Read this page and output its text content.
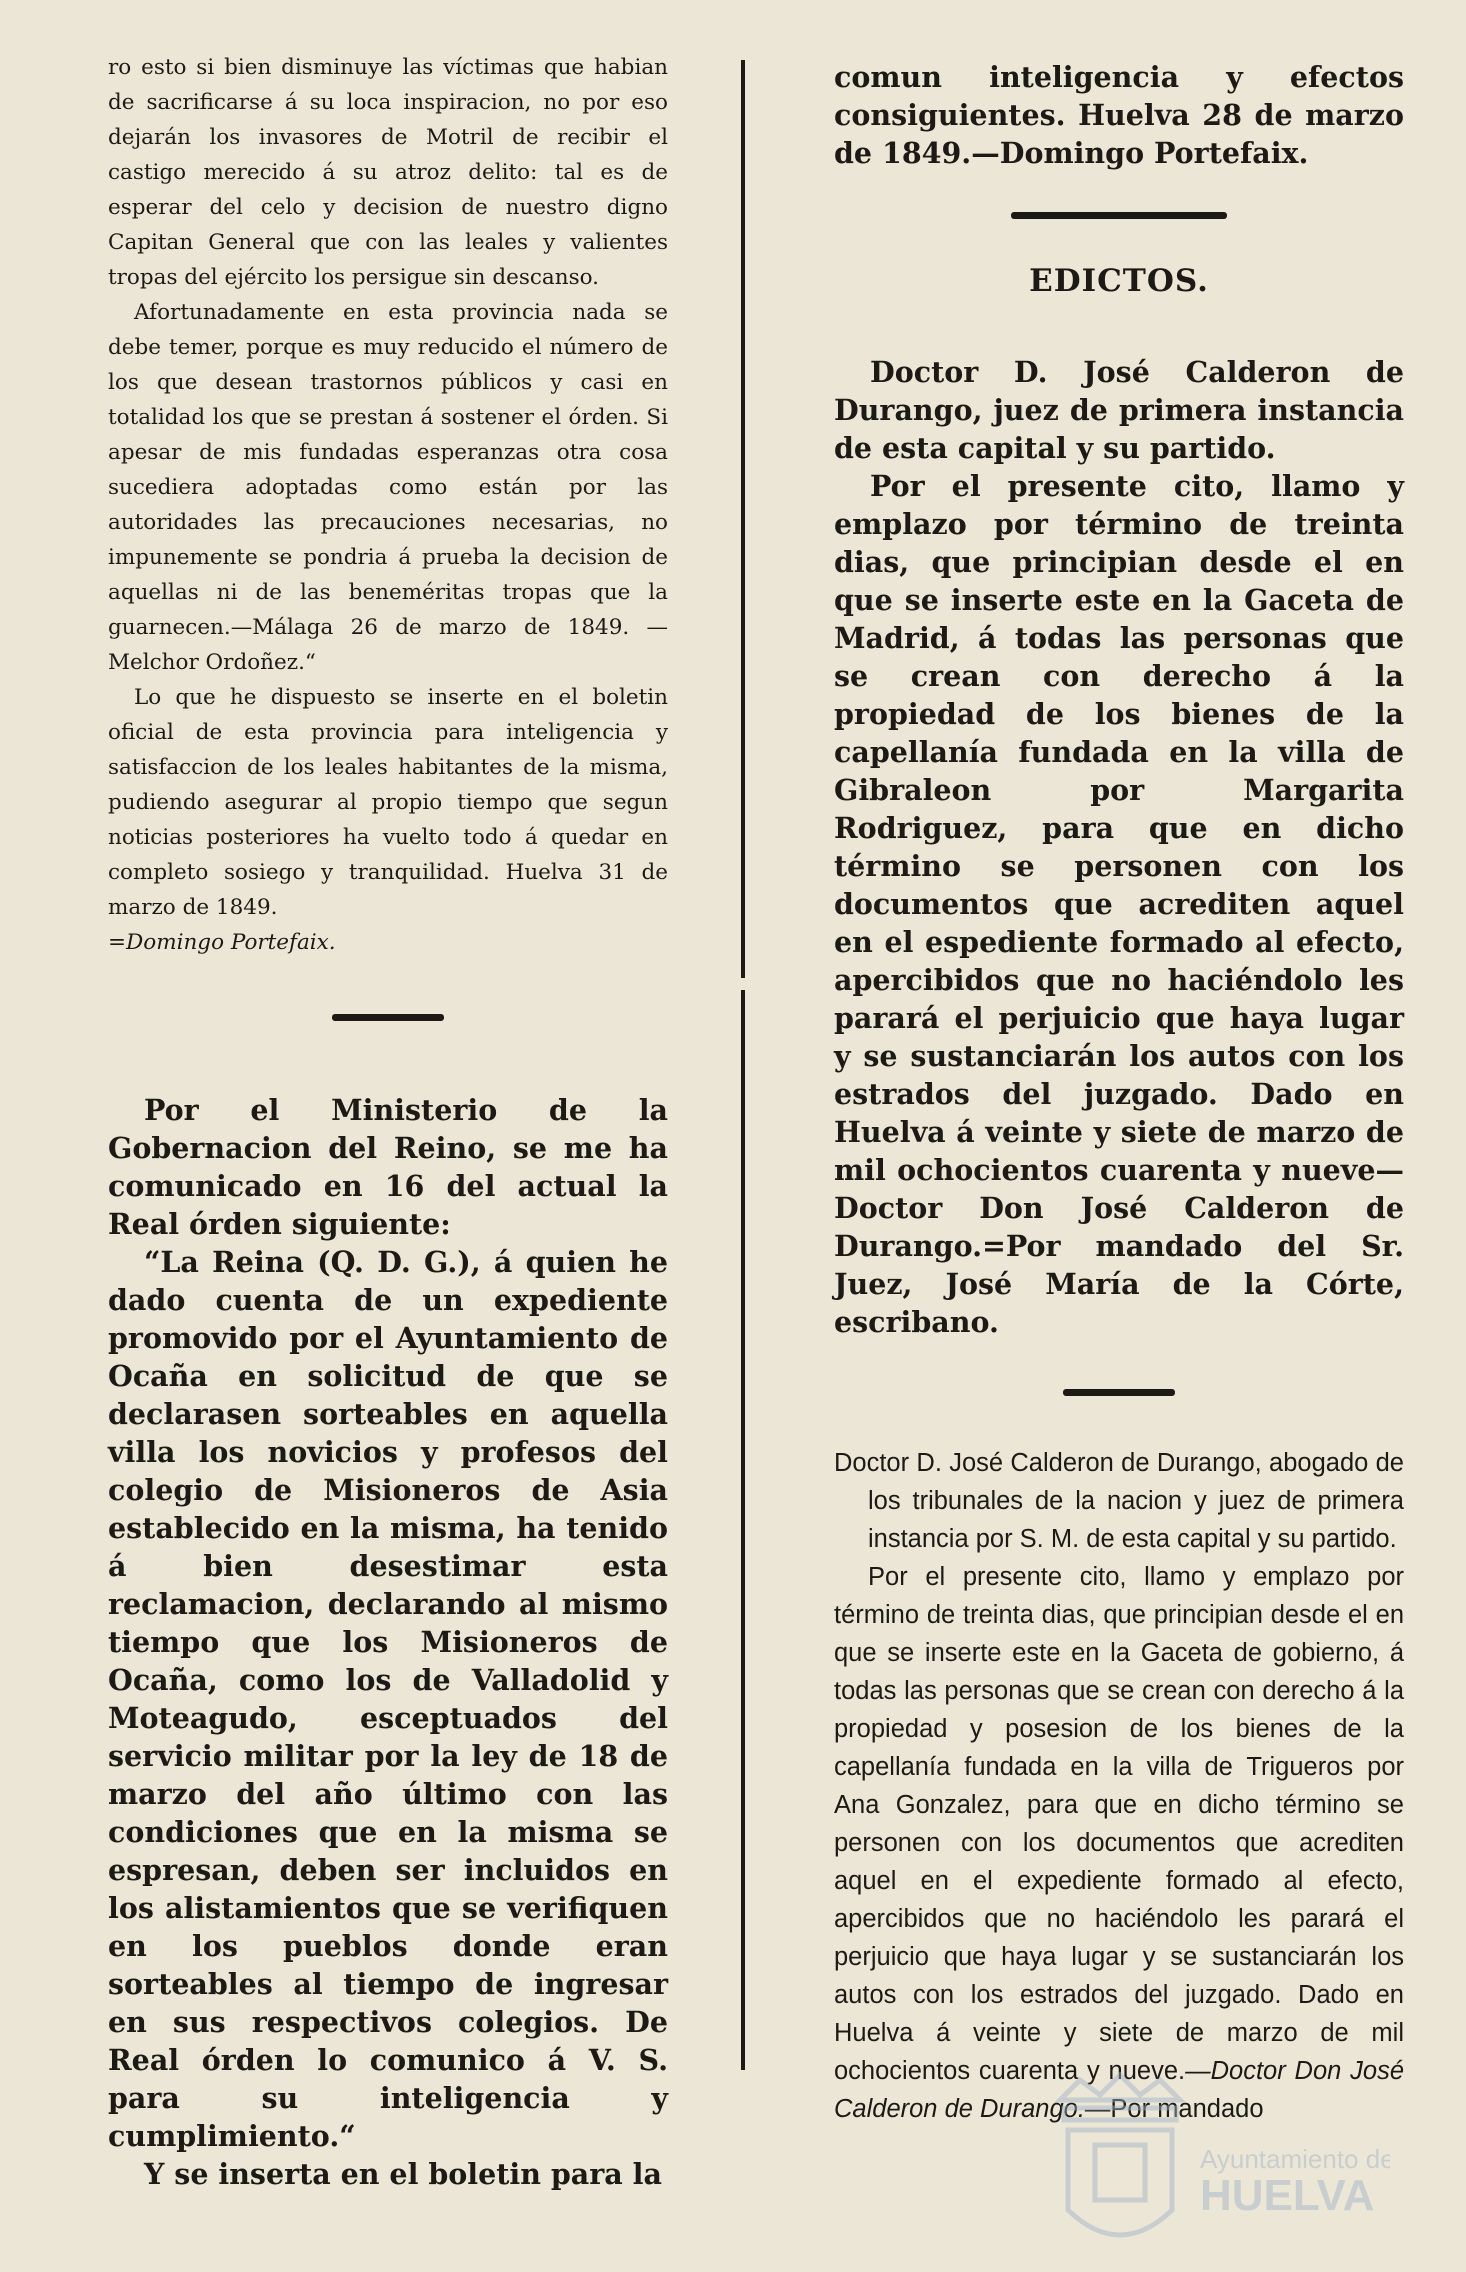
ro esto si bien disminuye las víctimas que habian de sacrificarse á su loca inspiracion, no por eso dejarán los invasores de Motril de recibir el castigo merecido á su atroz delito: tal es de esperar del celo y decision de nuestro digno Capitan General que con las leales y valientes tropas del ejército los persigue sin descanso.

Afortunadamente en esta provincia nada se debe temer, porque es muy reducido el número de los que desean trastornos públicos y casi en totalidad los que se prestan á sostener el órden. Si apesar de mis fundadas esperanzas otra cosa sucediera adoptadas como están por las autoridades las precauciones necesarias, no impunemente se pondria á prueba la decision de aquellas ni de las beneméritas tropas que la guarnecen.—Málaga 26 de marzo de 1849. —Melchor Ordoñez.“

Lo que he dispuesto se inserte en el boletin oficial de esta provincia para inteligencia y satisfaccion de los leales habitantes de la misma, pudiendo asegurar al propio tiempo que segun noticias posteriores ha vuelto todo á quedar en completo sosiego y tranquilidad. Huelva 31 de marzo de 1849.
=Domingo Portefaix.

Por el Ministerio de la Gobernacion del Reino, se me ha comunicado en 16 del actual la Real órden siguiente:

“La Reina (Q. D. G.), á quien he dado cuenta de un expediente promovido por el Ayuntamiento de Ocaña en solicitud de que se declarasen sorteables en aquella villa los novicios y profesos del colegio de Misioneros de Asia establecido en la misma, ha tenido á bien desestimar esta reclamacion, declarando al mismo tiempo que los Misioneros de Ocaña, como los de Valladolid y Moteagudo, esceptuados del servicio militar por la ley de 18 de marzo del año último con las condiciones que en la misma se espresan, deben ser incluidos en los alistamientos que se verifiquen en los pueblos donde eran sorteables al tiempo de ingresar en sus respectivos colegios. De Real órden lo comunico á V. S. para su inteligencia y cumplimiento.“

Y se inserta en el boletin para la

comun inteligencia y efectos consiguientes. Huelva 28 de marzo de 1849.—Domingo Portefaix.

EDICTOS.

Doctor D. José Calderon de Durango, juez de primera instancia de esta capital y su partido.

Por el presente cito, llamo y emplazo por término de treinta dias, que principian desde el en que se inserte este en la Gaceta de Madrid, á todas las personas que se crean con derecho á la propiedad de los bienes de la capellanía fundada en la villa de Gibraleon por Margarita Rodriguez, para que en dicho término se personen con los documentos que acrediten aquel en el espediente formado al efecto, apercibidos que no haciéndolo les parará el perjuicio que haya lugar y se sustanciarán los autos con los estrados del juzgado. Dado en Huelva á veinte y siete de marzo de mil ochocientos cuarenta y nueve—Doctor Don José Calderon de Durango.=Por mandado del Sr. Juez, José María de la Córte, escribano.

Doctor D. José Calderon de Durango, abogado de los tribunales de la nacion y juez de primera instancia por S. M. de esta capital y su partido.

Por el presente cito, llamo y emplazo por término de treinta dias, que principian desde el en que se inserte este en la Gaceta de gobierno, á todas las personas que se crean con derecho á la propiedad y posesion de los bienes de la capellanía fundada en la villa de Trigueros por Ana Gonzalez, para que en dicho término se personen con los documentos que acrediten aquel en el expediente formado al efecto, apercibidos que no haciéndolo les parará el perjuicio que haya lugar y se sustanciarán los autos con los estrados del juzgado. Dado en Huelva á veinte y siete de marzo de mil ochocientos cuarenta y nueve.—Doctor Don José Calderon de Durango.—Por mandado

Ayuntamiento de
HUELVA
